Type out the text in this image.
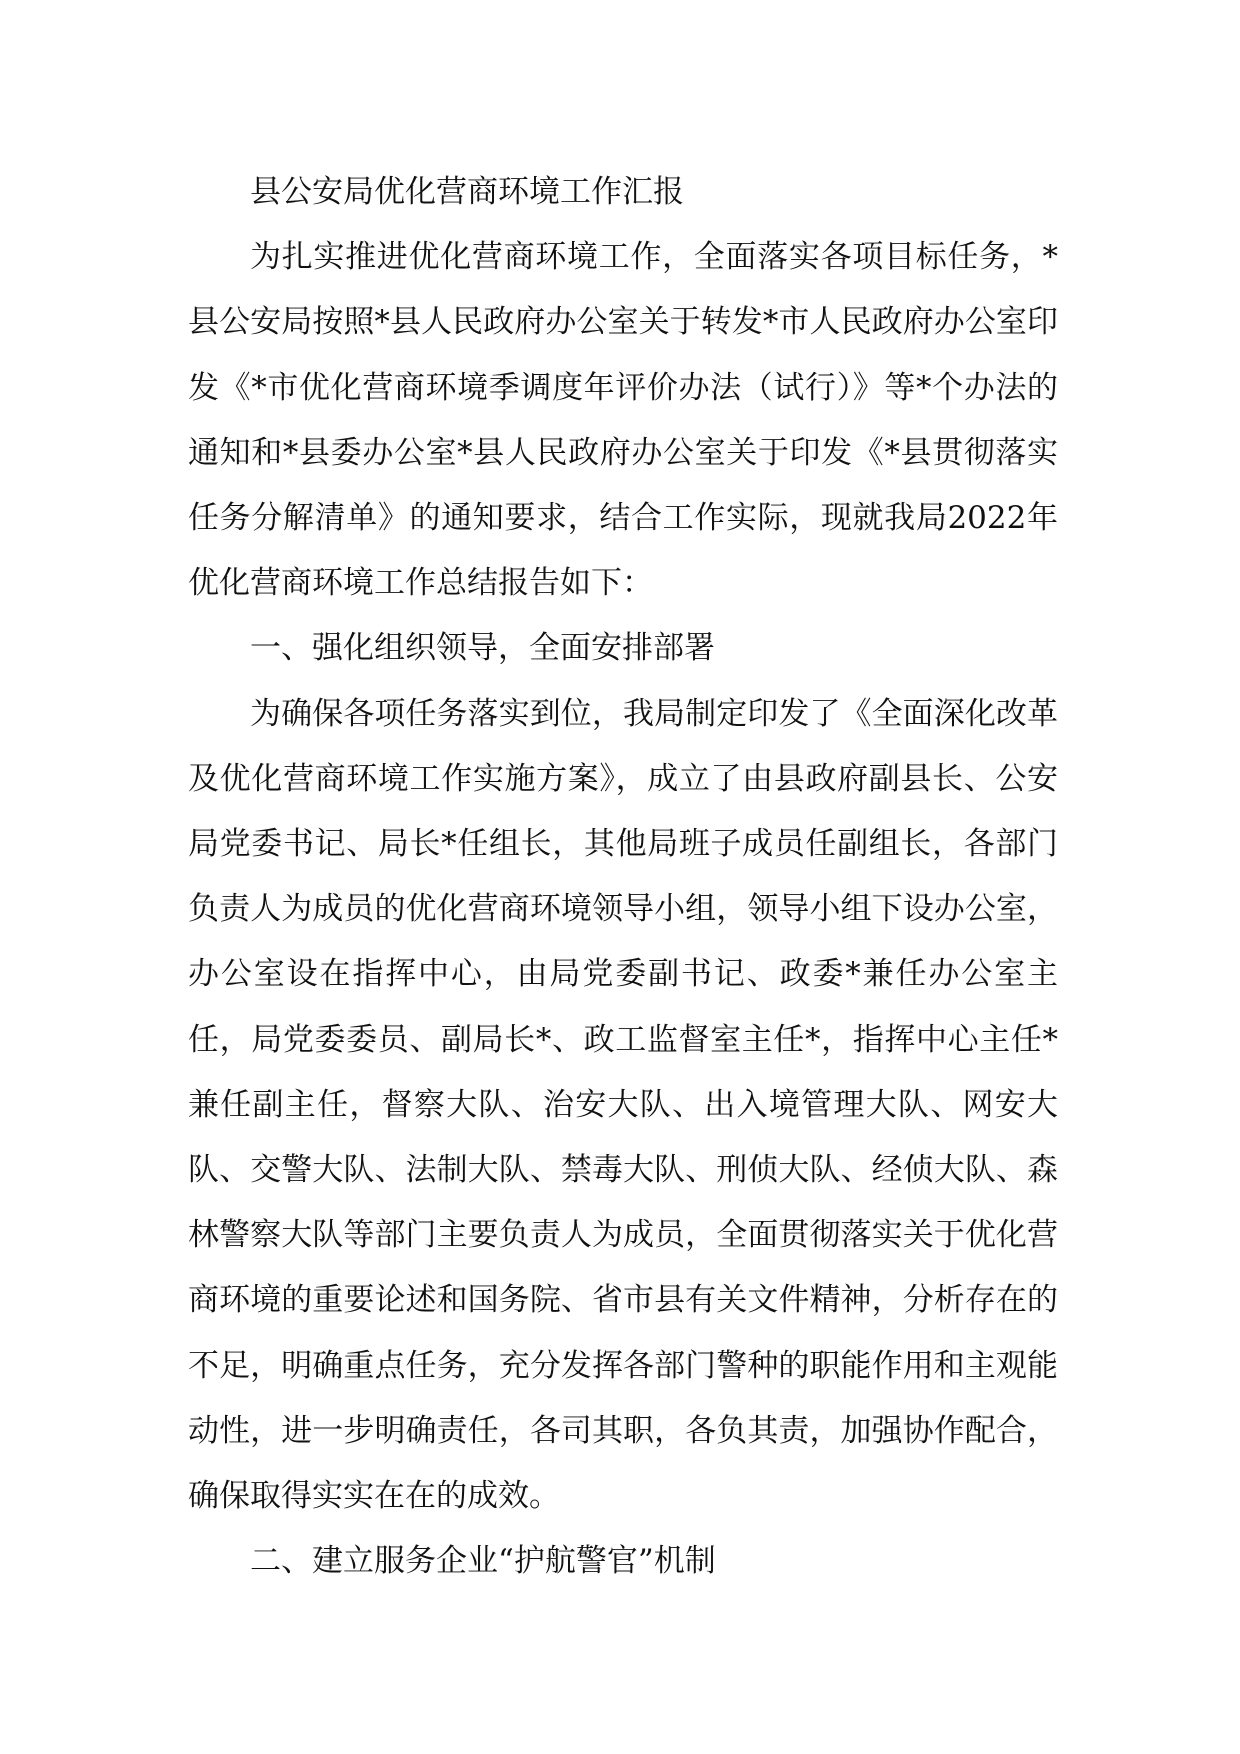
县公安局优化营商环境工作汇报

为扎实推进优化营商环境工作，全面落实各项目标任务，*县公安局按照*县人民政府办公室关于转发*市人民政府办公室印发《*市优化营商环境季调度年评价办法（试行）》等*个办法的通知和*县委办公室*县人民政府办公室关于印发《*县贯彻落实任务分解清单》的通知要求，结合工作实际，现就我局2022年优化营商环境工作总结报告如下：

一、强化组织领导，全面安排部署

为确保各项任务落实到位，我局制定印发了《全面深化改革及优化营商环境工作实施方案》，成立了由县政府副县长、公安局党委书记、局长*任组长，其他局班子成员任副组长，各部门负责人为成员的优化营商环境领导小组，领导小组下设办公室，办公室设在指挥中心，由局党委副书记、政委*兼任办公室主任，局党委委员、副局长*、政工监督室主任*，指挥中心主任*兼任副主任，督察大队、治安大队、出入境管理大队、网安大队、交警大队、法制大队、禁毒大队、刑侦大队、经侦大队、森林警察大队等部门主要负责人为成员，全面贯彻落实关于优化营商环境的重要论述和国务院、省市县有关文件精神，分析存在的不足，明确重点任务，充分发挥各部门警种的职能作用和主观能动性，进一步明确责任，各司其职，各负其责，加强协作配合，确保取得实实在在的成效。

二、建立服务企业“护航警官”机制
